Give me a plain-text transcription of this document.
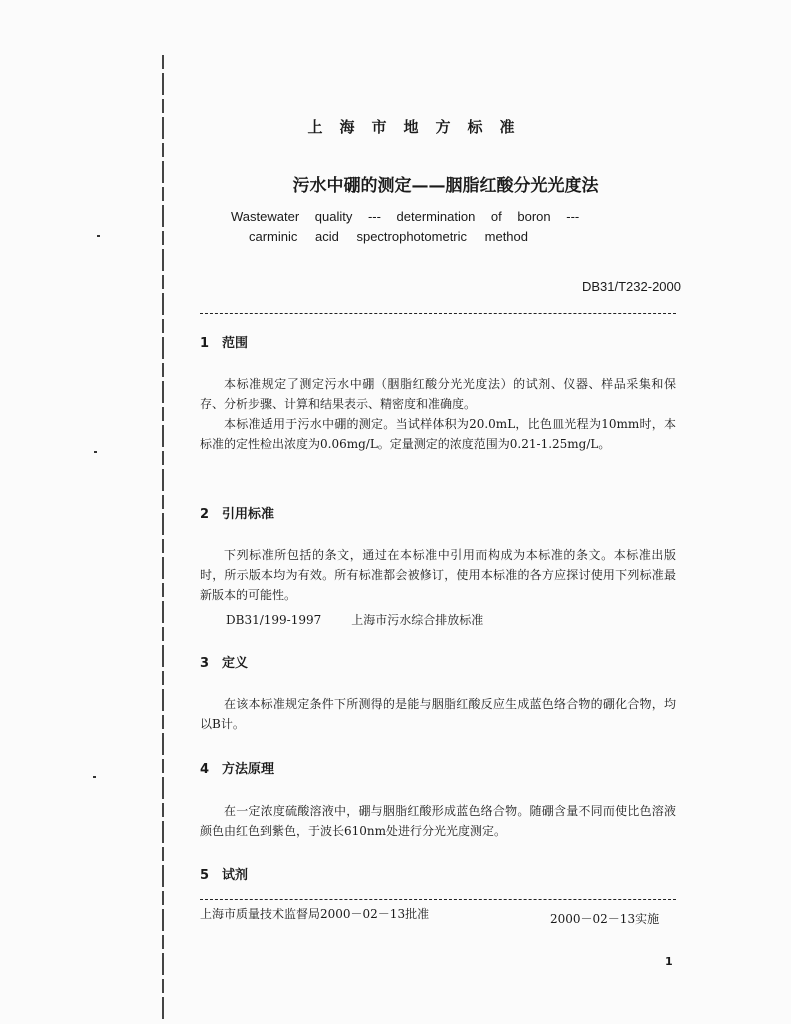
上海市地方标准
污水中硼的测定——胭脂红酸分光光度法
Wastewater quality --- determination of boron ---
carminic acid spectrophotometric method
DB31/T232-2000
1 范围

本标准规定了测定污水中硼（胭脂红酸分光光度法）的试剂、仪器、样品采集和保存、分析步骤、计算和结果表示、精密度和准确度。

本标准适用于污水中硼的测定。当试样体积为20.0mL，比色皿光程为10mm时，本标准的定性检出浓度为0.06mg/L。定量测定的浓度范围为0.21-1.25mg/L。

2 引用标准

下列标准所包括的条文，通过在本标准中引用而构成为本标准的条文。本标准出版时，所示版本均为有效。所有标准都会被修订，使用本标准的各方应探讨使用下列标准最新版本的可能性。

DB31/199-1997	上海市污水综合排放标准
3 定义

在该本标准规定条件下所测得的是能与胭脂红酸反应生成蓝色络合物的硼化合物，均以B计。

4 方法原理

在一定浓度硫酸溶液中，硼与胭脂红酸形成蓝色络合物。随硼含量不同而使比色溶液颜色由红色到紫色，于波长610nm处进行分光光度测定。

5 试剂
上海市质量技术监督局2000－02－13批准	2000－02－13实施
1
